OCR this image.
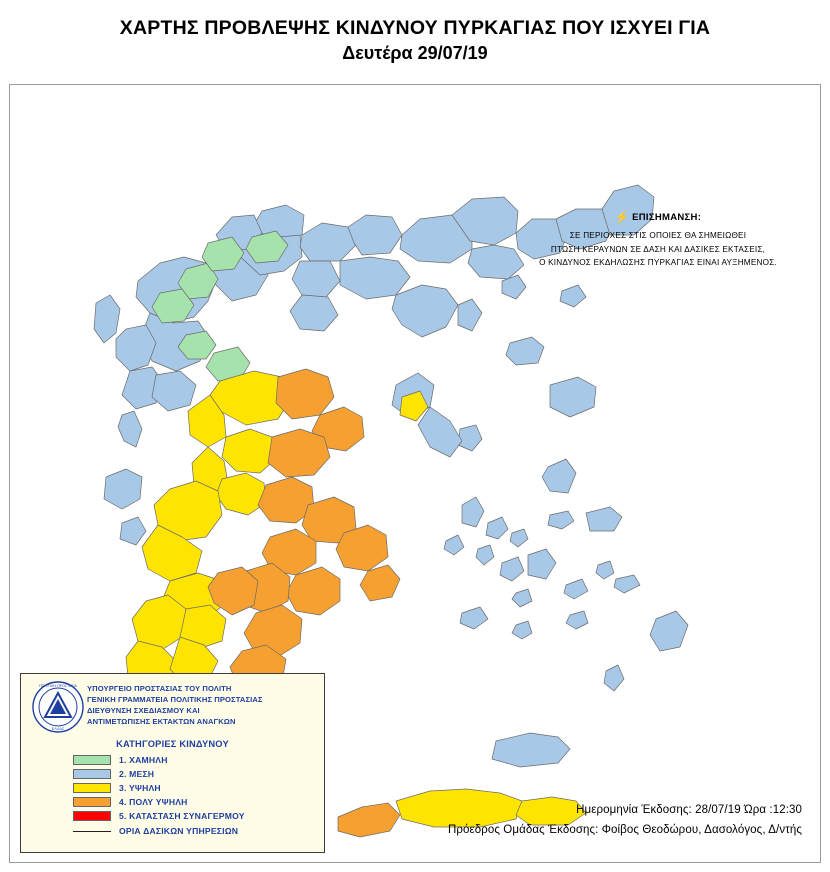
ΧΑΡΤΗΣ ΠΡΟΒΛΕΨΗΣ ΚΙΝΔΥΝΟΥ ΠΥΡΚΑΓΙΑΣ ΠΟΥ ΙΣΧΥΕΙ ΓΙΑ
Δευτέρα 29/07/19
⚡ ΕΠΙΣΗΜΑΝΣΗ:
ΣΕ ΠΕΡΙΟΧΕΣ ΣΤΙΣ ΟΠΟΙΕΣ ΘΑ ΣΗΜΕΙΩΘΕΙ
ΠΤΩΣΗ ΚΕΡΑΥΝΩΝ ΣΕ ΔΑΣΗ ΚΑΙ ΔΑΣΙΚΕΣ ΕΚΤΑΣΕΙΣ,
Ο ΚΙΝΔΥΝΟΣ ΕΚΔΗΛΩΣΗΣ ΠΥΡΚΑΓΙΑΣ ΕΙΝΑΙ ΑΥΞΗΜΕΝΟΣ.
ΠΟΛΙΤΙΚΗ ΠΡΟΣΤΑΣΙΑ
ΕΛΛΑΣ
ΥΠΟΥΡΓΕΙΟ ΠΡΟΣΤΑΣΙΑΣ ΤΟΥ ΠΟΛΙΤΗ
ΓΕΝΙΚΗ ΓΡΑΜΜΑΤΕΙΑ ΠΟΛΙΤΙΚΗΣ ΠΡΟΣΤΑΣΙΑΣ
ΔΙΕΥΘΥΝΣΗ ΣΧΕΔΙΑΣΜΟΥ ΚΑΙ
ΑΝΤΙΜΕΤΩΠΙΣΗΣ ΕΚΤΑΚΤΩΝ ΑΝΑΓΚΩΝ
ΚΑΤΗΓΟΡΙΕΣ ΚΙΝΔΥΝΟΥ
1. ΧΑΜΗΛΗ
2. ΜΕΣΗ
3. ΥΨΗΛΗ
4. ΠΟΛΥ ΥΨΗΛΗ
5. ΚΑΤΑΣΤΑΣΗ ΣΥΝΑΓΕΡΜΟΥ
ΟΡΙΑ ΔΑΣΙΚΩΝ ΥΠΗΡΕΣΙΩΝ
Ημερομηνία Έκδοσης: 28/07/19 Ώρα :12:30
Πρόεδρος Ομάδας Έκδοσης: Φοίβος Θεοδώρου, Δασολόγος, Δ/ντής
